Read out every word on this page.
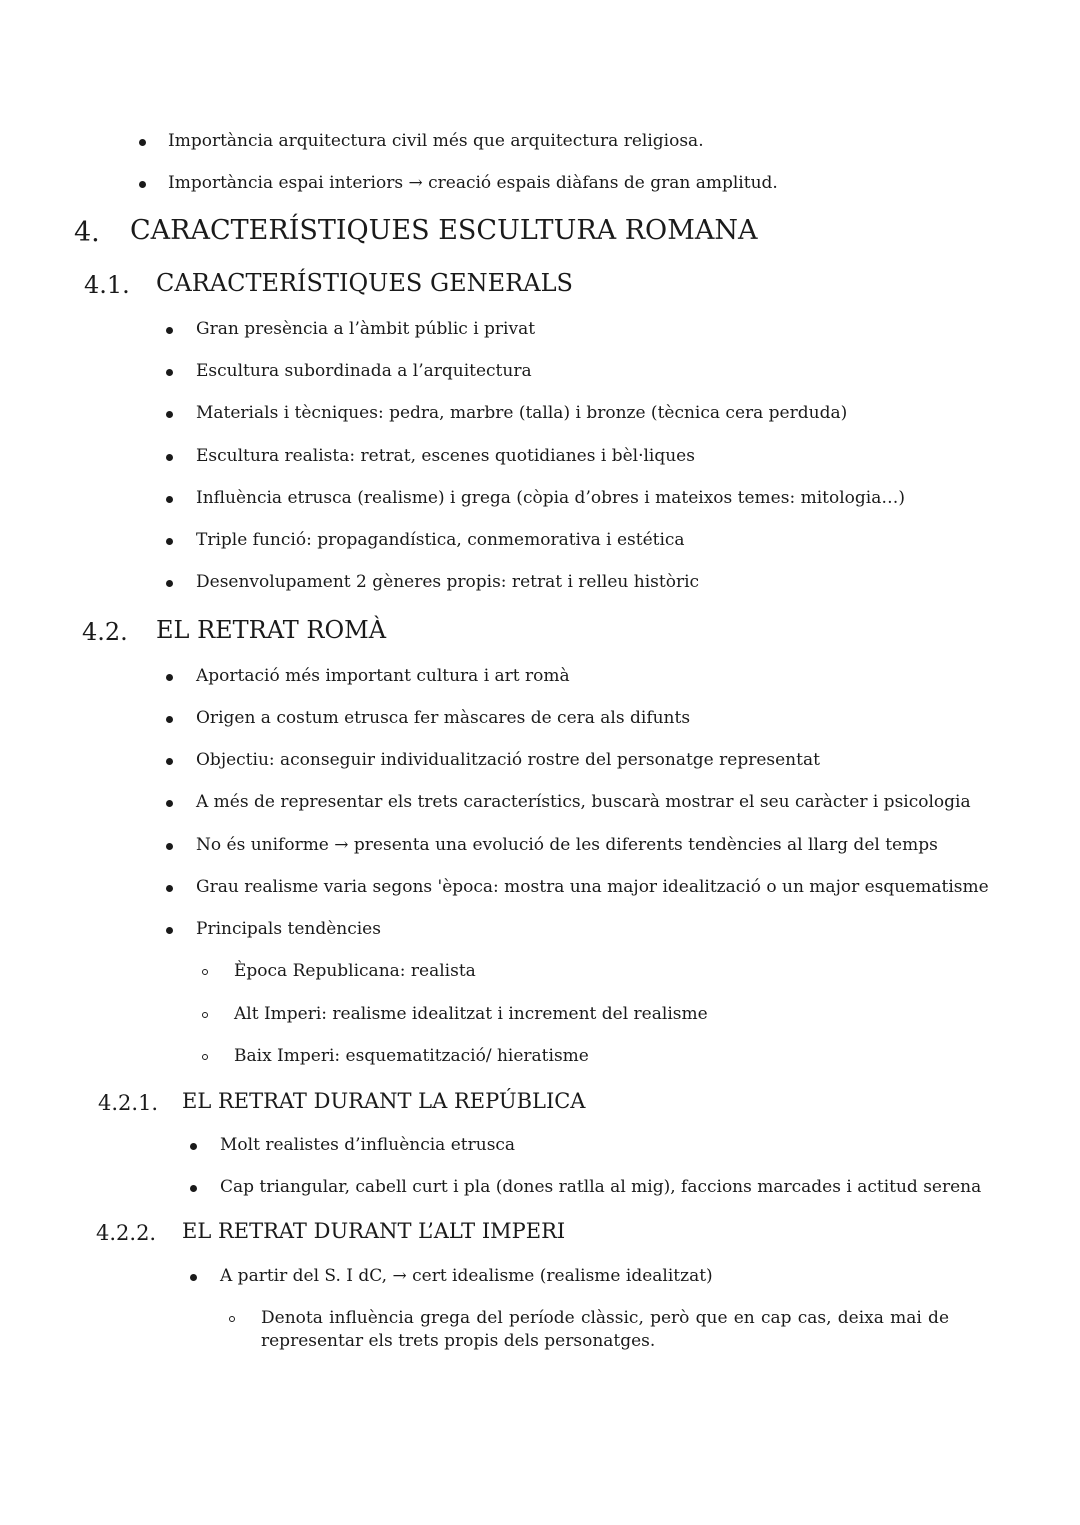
Importància arquitectura civil més que arquitectura religiosa.
Importància espai interiors → creació espais diàfans de gran amplitud.
4. CARACTERÍSTIQUES ESCULTURA ROMANA
4.1. CARACTERÍSTIQUES GENERALS
Gran presència a l’àmbit públic i privat
Escultura subordinada a l’arquitectura
Materials i tècniques: pedra, marbre (talla) i bronze (tècnica cera perduda)
Escultura realista: retrat, escenes quotidianes i bèl·liques
Influència etrusca (realisme) i grega (còpia d’obres i mateixos temes: mitologia…)
Triple funció: propagandística, conmemorativa i estética
Desenvolupament 2 gèneres propis: retrat i relleu històric
4.2. EL RETRAT ROMÀ
Aportació més important cultura i art romà
Origen a costum etrusca fer màscares de cera als difunts
Objectiu: aconseguir individualització rostre del personatge representat
A més de representar els trets característics, buscarà mostrar el seu caràcter i psicologia
No és uniforme → presenta una evolució de les diferents tendències al llarg del temps
Grau realisme varia segons 'època: mostra una major idealització o un major esquematisme
Principals tendències
Època Republicana: realista
Alt Imperi: realisme idealitzat i increment del realisme
Baix Imperi: esquematització/ hieratisme
4.2.1. EL RETRAT DURANT LA REPÚBLICA
Molt realistes d’influència etrusca
Cap triangular, cabell curt i pla (dones ratlla al mig), faccions marcades i actitud serena
4.2.2. EL RETRAT DURANT L’ALT IMPERI
A partir del S. I dC, → cert idealisme (realisme idealitzat)
Denota influència grega del període clàssic, però que en cap cas, deixa mai de representar els trets propis dels personatges.
